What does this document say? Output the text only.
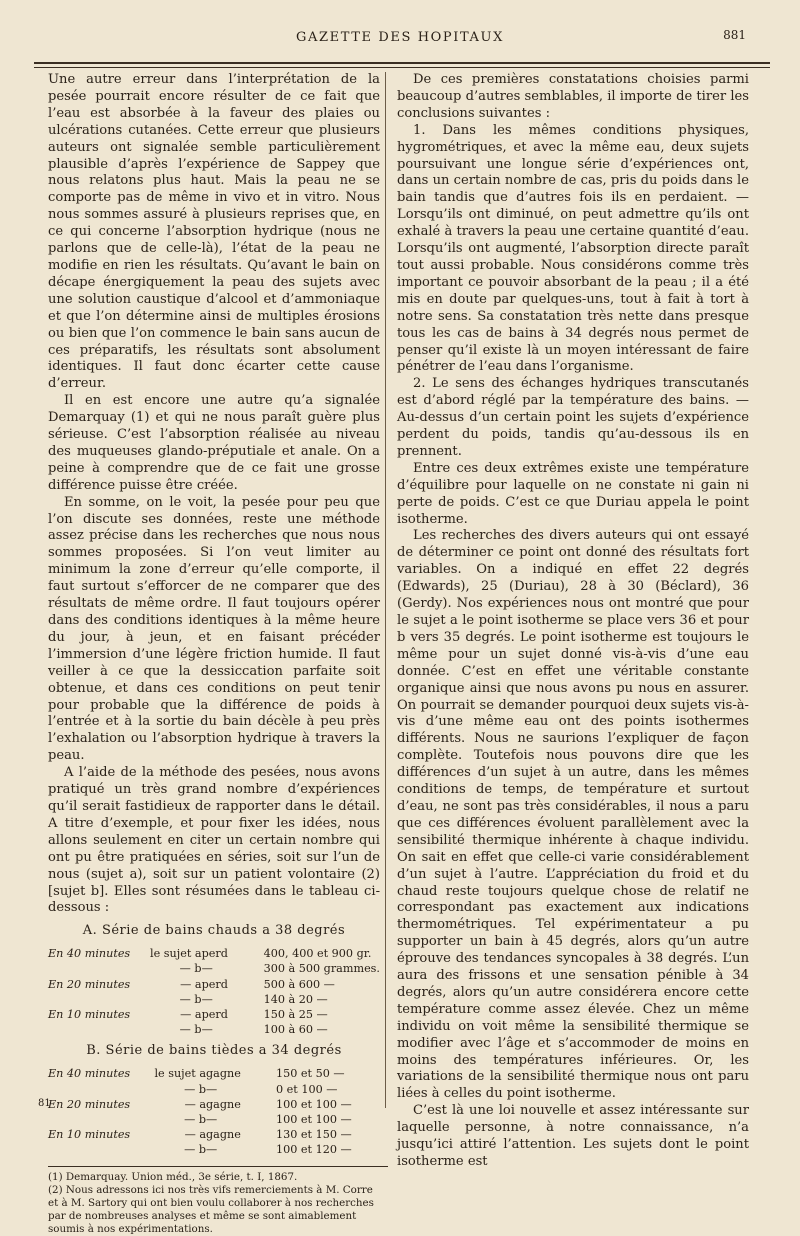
GAZETTE DES HOPITAUX	881

Une autre erreur dans l’interprétation de la pesée pourrait encore résulter de ce fait que l’eau est absorbée à la faveur des plaies ou ulcérations cutanées. Cette erreur que plusieurs auteurs ont signalée semble particulièrement plausible d’après l’expérience de Sappey que nous relatons plus haut. Mais la peau ne se comporte pas de même in vivo et in vitro. Nous nous sommes assuré à plusieurs reprises que, en ce qui concerne l’absorption hydrique (nous ne parlons que de celle-là), l’état de la peau ne modifie en rien les résultats. Qu’avant le bain on décape énergiquement la peau des sujets avec une solution caustique d’alcool et d’ammoniaque et que l’on détermine ainsi de multiples érosions ou bien que l’on commence le bain sans aucun de ces préparatifs, les résultats sont absolument identiques. Il faut donc écarter cette cause d’erreur.

Il en est encore une autre qu’a signalée Demarquay (1) et qui ne nous paraît guère plus sérieuse. C’est l’absorption réalisée au niveau des muqueuses glando-préputiale et anale. On a peine à comprendre que de ce fait une grosse différence puisse être créée.

En somme, on le voit, la pesée pour peu que l’on discute ses données, reste une méthode assez précise dans les recherches que nous nous sommes proposées. Si l’on veut limiter au minimum la zone d’erreur qu’elle comporte, il faut surtout s’efforcer de ne comparer que des résultats de même ordre. Il faut toujours opérer dans des conditions identiques à la même heure du jour, à jeun, et en faisant précéder l’immersion d’une légère friction humide. Il faut veiller à ce que la dessiccation parfaite soit obtenue, et dans ces conditions on peut tenir pour probable que la différence de poids à l’entrée et à la sortie du bain décèle à peu près l’exhalation ou l’absorption hydrique à travers la peau.

A l’aide de la méthode des pesées, nous avons pratiqué un très grand nombre d’expériences qu’il serait fastidieux de rapporter dans le détail. A titre d’exemple, et pour fixer les idées, nous allons seulement en citer un certain nombre qui ont pu être pratiquées en séries, soit sur l’un de nous (sujet a), soit sur un patient volontaire (2) [sujet b]. Elles sont résumées dans le tableau ci-dessous :

A. Série de bains chauds a 38 degrés
En 40 minutes	le sujet a	perd	400, 400 et 900 gr.
	— b	—	300 à 500 grammes.
En 20 minutes	— a	perd	500 à 600 —
	— b	—	140 à 20 —
En 10 minutes	— a	perd	150 à 25 —
	— b	—	100 à 60 —
B. Série de bains tièdes a 34 degrés
En 40 minutes	le sujet a	gagne	150 et 50 —
	— b	—	0 et 100 —
En 20 minutes	— a	gagne	100 et 100 —
	— b	—	100 et 100 —
En 10 minutes	— a	gagne	130 et 150 —
	— b	—	100 et 120 —

(1) Demarquay. Union méd., 3e série, t. I, 1867.

(2) Nous adressons ici nos très vifs remerciements à M. Corre et à M. Sartory qui ont bien voulu collaborer à nos recherches par de nombreuses analyses et même se sont aimablement soumis à nos expérimentations.

De ces premières constatations choisies parmi beaucoup d’autres semblables, il importe de tirer les conclusions suivantes :

1. Dans les mêmes conditions physiques, hygrométriques, et avec la même eau, deux sujets poursuivant une longue série d’expériences ont, dans un certain nombre de cas, pris du poids dans le bain tandis que d’autres fois ils en perdaient. — Lorsqu’ils ont diminué, on peut admettre qu’ils ont exhalé à travers la peau une certaine quantité d’eau. Lorsqu’ils ont augmenté, l’absorption directe paraît tout aussi probable. Nous considérons comme très important ce pouvoir absorbant de la peau ; il a été mis en doute par quelques-uns, tout à fait à tort à notre sens. Sa constatation très nette dans presque tous les cas de bains à 34 degrés nous permet de penser qu’il existe là un moyen intéressant de faire pénétrer de l’eau dans l’organisme.

2. Le sens des échanges hydriques transcutanés est d’abord réglé par la température des bains. — Au-dessus d’un certain point les sujets d’expérience perdent du poids, tandis qu’au-dessous ils en prennent.

Entre ces deux extrêmes existe une température d’équilibre pour laquelle on ne constate ni gain ni perte de poids. C’est ce que Duriau appela le point isotherme.

Les recherches des divers auteurs qui ont essayé de déterminer ce point ont donné des résultats fort variables. On a indiqué en effet 22 degrés (Edwards), 25 (Duriau), 28 à 30 (Béclard), 36 (Gerdy). Nos expériences nous ont montré que pour le sujet a le point isotherme se place vers 36 et pour b vers 35 degrés. Le point isotherme est toujours le même pour un sujet donné vis-à-vis d’une eau donnée. C’est en effet une véritable constante organique ainsi que nous avons pu nous en assurer. On pourrait se demander pourquoi deux sujets vis-à-vis d’une même eau ont des points isothermes différents. Nous ne saurions l’expliquer de façon complète. Toutefois nous pouvons dire que les différences d’un sujet à un autre, dans les mêmes conditions de temps, de température et surtout d’eau, ne sont pas très considérables, il nous a paru que ces différences évoluent parallèlement avec la sensibilité thermique inhérente à chaque individu. On sait en effet que celle-ci varie considérablement d’un sujet à l’autre. L’appréciation du froid et du chaud reste toujours quelque chose de relatif ne correspondant pas exactement aux indications thermométriques. Tel expérimentateur a pu supporter un bain à 45 degrés, alors qu’un autre éprouve des tendances syncopales à 38 degrés. L’un aura des frissons et une sensation pénible à 34 degrés, alors qu’un autre considérera encore cette température comme assez élevée. Chez un même individu on voit même la sensibilité thermique se modifier avec l’âge et s’accommoder de moins en moins des températures inférieures. Or, les variations de la sensibilité thermique nous ont paru liées à celles du point isotherme.

C’est là une loi nouvelle et assez intéressante sur laquelle personne, à notre connaissance, n’a jusqu’ici attiré l’attention. Les sujets dont le point isotherme est

81
